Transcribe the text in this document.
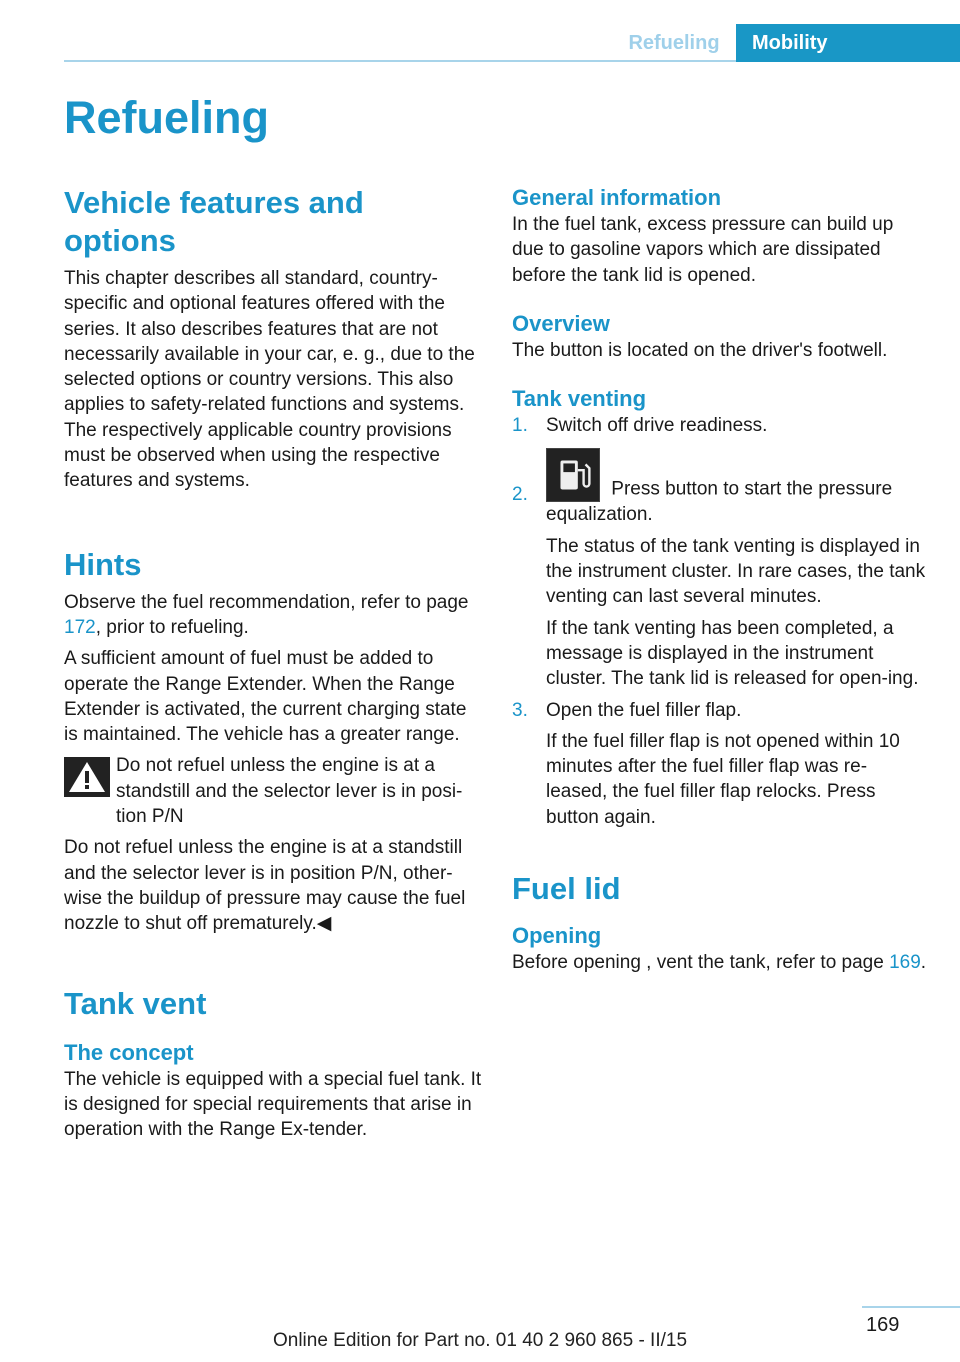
Refueling	Mobility
Refueling
Vehicle features and options

This chapter describes all standard, country-specific and optional features offered with the series. It also describes features that are not necessarily available in your car, e. g., due to the selected options or country versions. This also applies to safety-related functions and systems. The respectively applicable country provisions must be observed when using the respective features and systems.

Hints

Observe the fuel recommendation, refer to page 172, prior to refueling.

A sufficient amount of fuel must be added to operate the Range Extender. When the Range Extender is activated, the current charging state is maintained. The vehicle has a greater range.

Do not refuel unless the engine is at a standstill and the selector lever is in posi‐tion P/N

Do not refuel unless the engine is at a standstill and the selector lever is in position P/N, other‐wise the buildup of pressure may cause the fuel nozzle to shut off prematurely.◀

Tank vent
The concept

The vehicle is equipped with a special fuel tank. It is designed for special requirements that arise in operation with the Range Ex‐tender.

General information

In the fuel tank, excess pressure can build up due to gasoline vapors which are dissipated before the tank lid is opened.

Overview

The button is located on the driver's footwell.

Tank venting
1. Switch off drive readiness.
2.	Press button to start the pressure equalization.

The status of the tank venting is displayed in the instrument cluster. In rare cases, the tank venting can last several minutes.

If the tank venting has been completed, a message is displayed in the instrument cluster. The tank lid is released for open‐ing.

3. Open the fuel filler flap.

If the fuel filler flap is not opened within 10 minutes after the fuel filler flap was re‐leased, the fuel filler flap relocks. Press button again.

Fuel lid
Opening

Before opening , vent the tank, refer to page 169.

169
Online Edition for Part no. 01 40 2 960 865 - II/15
